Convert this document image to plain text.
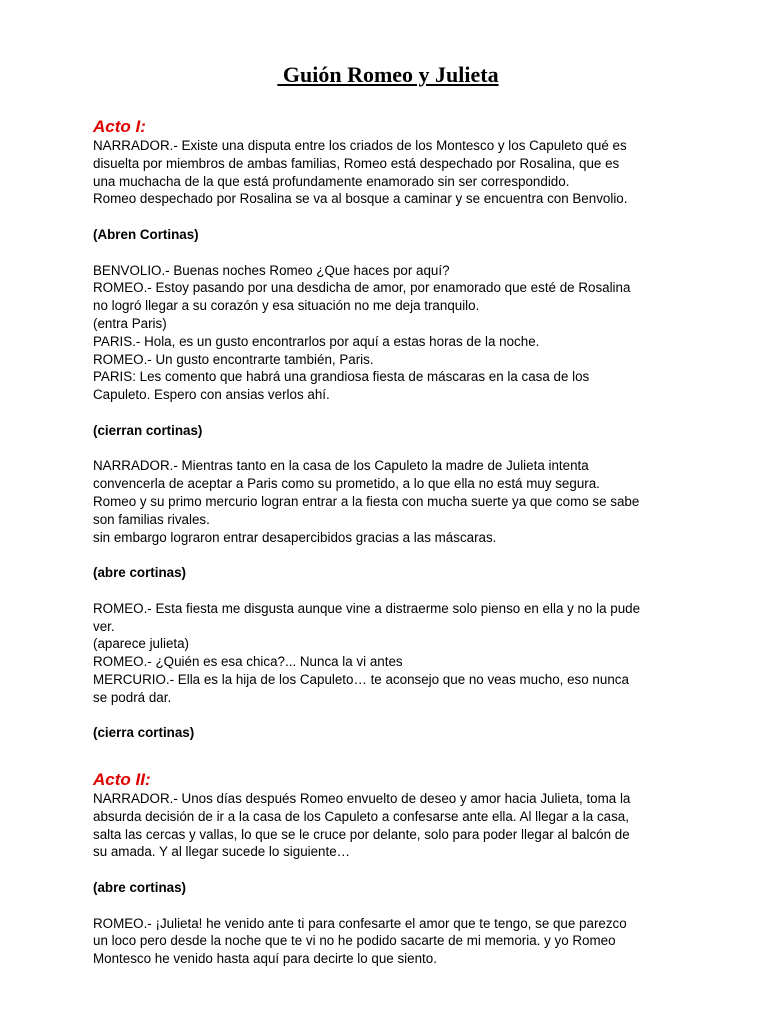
Guión Romeo y Julieta
Acto I:

NARRADOR.- Existe una disputa entre los criados de los Montesco y los Capuleto qué es

disuelta por miembros de ambas familias, Romeo está despechado por Rosalina, que es

una muchacha de la que está profundamente enamorado sin ser correspondido.

Romeo despechado por Rosalina se va al bosque a caminar y se encuentra con Benvolio.

(Abren Cortinas)

BENVOLIO.- Buenas noches Romeo ¿Que haces por aquí?

ROMEO.- Estoy pasando por una desdicha de amor, por enamorado que esté de Rosalina

no logró llegar a su corazón y esa situación no me deja tranquilo.

(entra Paris)

PARIS.- Hola, es un gusto encontrarlos por aquí a estas horas de la noche.

ROMEO.- Un gusto encontrarte también, Paris.

PARIS: Les comento que habrá una grandiosa fiesta de máscaras en la casa de los

Capuleto. Espero con ansias verlos ahí.

(cierran cortinas)

NARRADOR.- Mientras tanto en la casa de los Capuleto la madre de Julieta intenta

convencerla de aceptar a Paris como su prometido, a lo que ella no está muy segura.

Romeo y su primo mercurio logran entrar a la fiesta con mucha suerte ya que como se sabe

son familias rivales.

sin embargo lograron entrar desapercibidos gracias a las máscaras.

(abre cortinas)

ROMEO.- Esta fiesta me disgusta aunque vine a distraerme solo pienso en ella y no la pude

ver.

(aparece julieta)

ROMEO.- ¿Quién es esa chica?... Nunca la vi antes

MERCURIO.- Ella es la hija de los Capuleto… te aconsejo que no veas mucho, eso nunca

se podrá dar.

(cierra cortinas)

Acto II:

NARRADOR.- Unos días después Romeo envuelto de deseo y amor hacia Julieta, toma la

absurda decisión de ir a la casa de los Capuleto a confesarse ante ella. Al llegar a la casa,

salta las cercas y vallas, lo que se le cruce por delante, solo para poder llegar al balcón de

su amada. Y al llegar sucede lo siguiente…

(abre cortinas)

ROMEO.- ¡Julieta! he venido ante ti para confesarte el amor que te tengo, se que parezco

un loco pero desde la noche que te vi no he podido sacarte de mi memoria. y yo Romeo

Montesco he venido hasta aquí para decirte lo que siento.
